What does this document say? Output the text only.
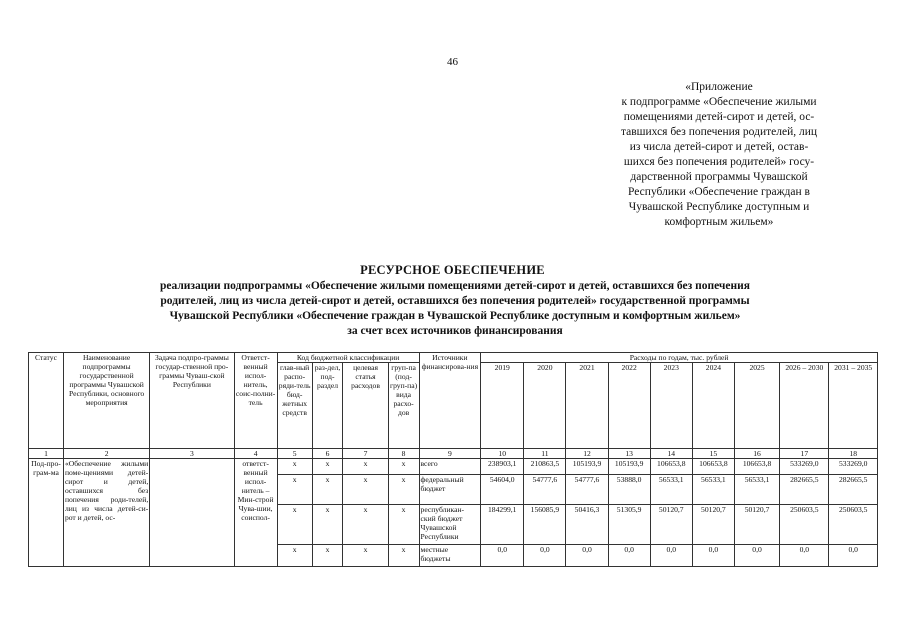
46
«Приложение
к подпрограмме «Обеспечение жилыми
помещениями детей-сирот и детей, ос-
тавшихся без попечения родителей, лиц
из числа детей-сирот и детей, остав-
шихся без попечения родителей» госу-
дарственной программы Чувашской
Республики «Обеспечение граждан в
Чувашской Республике доступным и
комфортным жильем»
РЕСУРСНОЕ ОБЕСПЕЧЕНИЕ
реализации подпрограммы «Обеспечение жилыми помещениями детей-сирот и детей, оставшихся без попечения
родителей, лиц из числа детей-сирот и детей, оставшихся без попечения родителей» государственной программы
Чувашской Республики «Обеспечение граждан в Чувашской Республике доступным и комфортным жильем»
за счет всех источников финансирования
Статус	Наименование подпрограммы государственной программы Чувашской Республики, основного мероприятия	Задача подпро-граммы государ-ственной про-граммы Чуваш-ской Республики	Ответст-венный испол-нитель, соис-полни-тель	Код бюджетной классификации				Источники финансирова-ния	Расходы по годам, тыс. рублей								
				глав-ный распо-ряди-тель бюд-жетных средств	раз-дел, под-раздел	целевая статья расходов	груп-па (под-груп-па) вида расхо-дов		2019	2020	2021	2022	2023	2024	2025	2026 – 2030	2031 – 2035
1	2	3	4	5	6	7	8	9	10	11	12	13	14	15	16	17	18
Под-про-грам-ма	«Обеспечение жилыми поме-щениями детей-сирот и детей, оставшихся без попечения роди-телей, лиц из числа детей-си-рот и детей, ос-		ответст-венный испол-нитель – Мин-строй Чува-шии, соиспол-	x	x	x	x	всего	238903,1	210863,5	105193,9	105193,9	106653,8	106653,8	106653,8	533269,0	533269,0
				x	x	x	x	федеральный бюджет	54604,0	54777,6	54777,6	53888,0	56533,1	56533,1	56533,1	282665,5	282665,5
				x	x	x	x	республикан-ский бюджет Чувашской Республики	184299,1	156085,9	50416,3	51305,9	50120,7	50120,7	50120,7	250603,5	250603,5
				x	x	x	x	местные бюджеты	0,0	0,0	0,0	0,0	0,0	0,0	0,0	0,0	0,0
